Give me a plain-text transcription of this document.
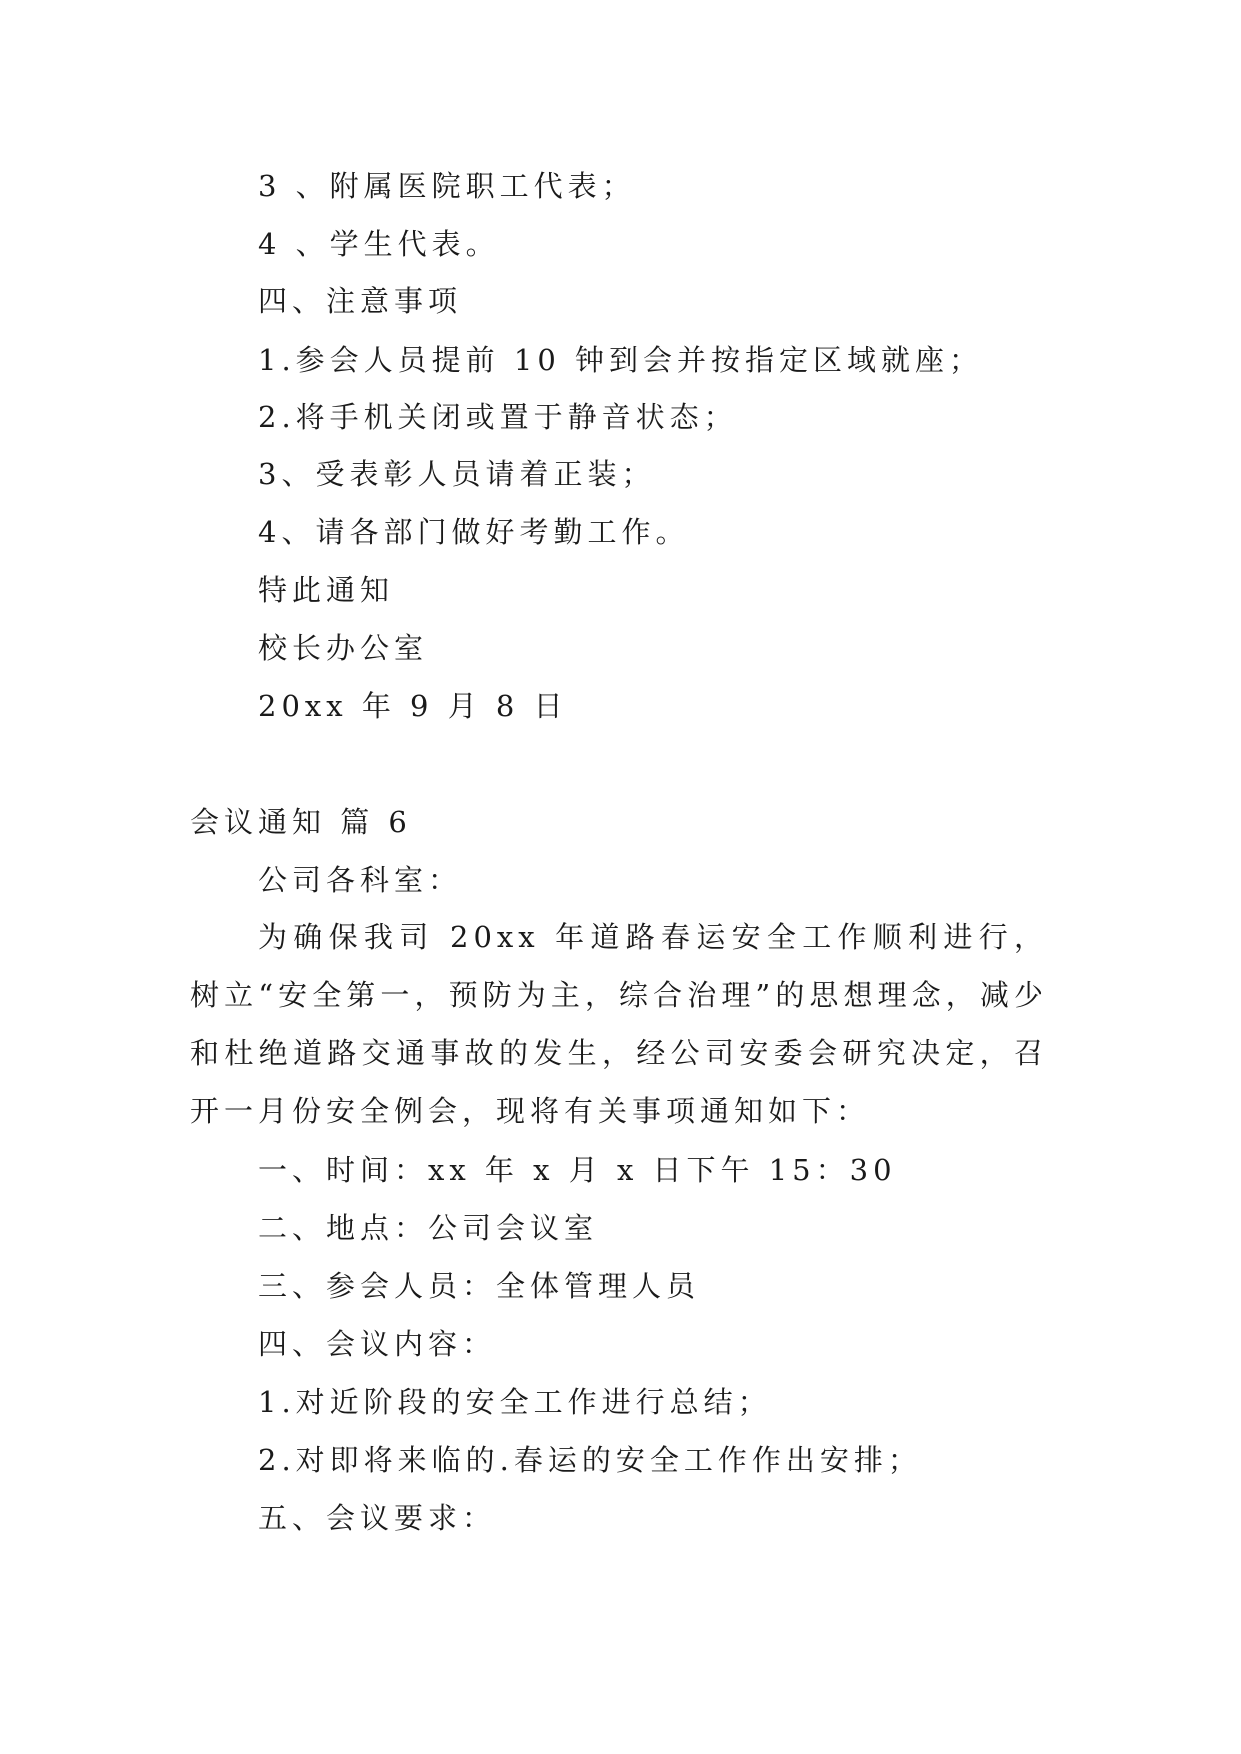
3 、附属医院职工代表；
4 、学生代表。
四、注意事项
1.参会人员提前 10 钟到会并按指定区域就座；
2.将手机关闭或置于静音状态；
3、受表彰人员请着正装；
4、请各部门做好考勤工作。
特此通知
校长办公室
20xx 年 9 月 8 日
会议通知 篇 6
公司各科室：
为确保我司 20xx 年道路春运安全工作顺利进行，树立“安全第一，预防为主，综合治理”的思想理念，减少和杜绝道路交通事故的发生，经公司安委会研究决定，召开一月份安全例会，现将有关事项通知如下：
一、时间：xx 年 x 月 x 日下午 15：30
二、地点：公司会议室
三、参会人员：全体管理人员
四、会议内容：
1.对近阶段的安全工作进行总结；
2.对即将来临的.春运的安全工作作出安排；
五、会议要求：
